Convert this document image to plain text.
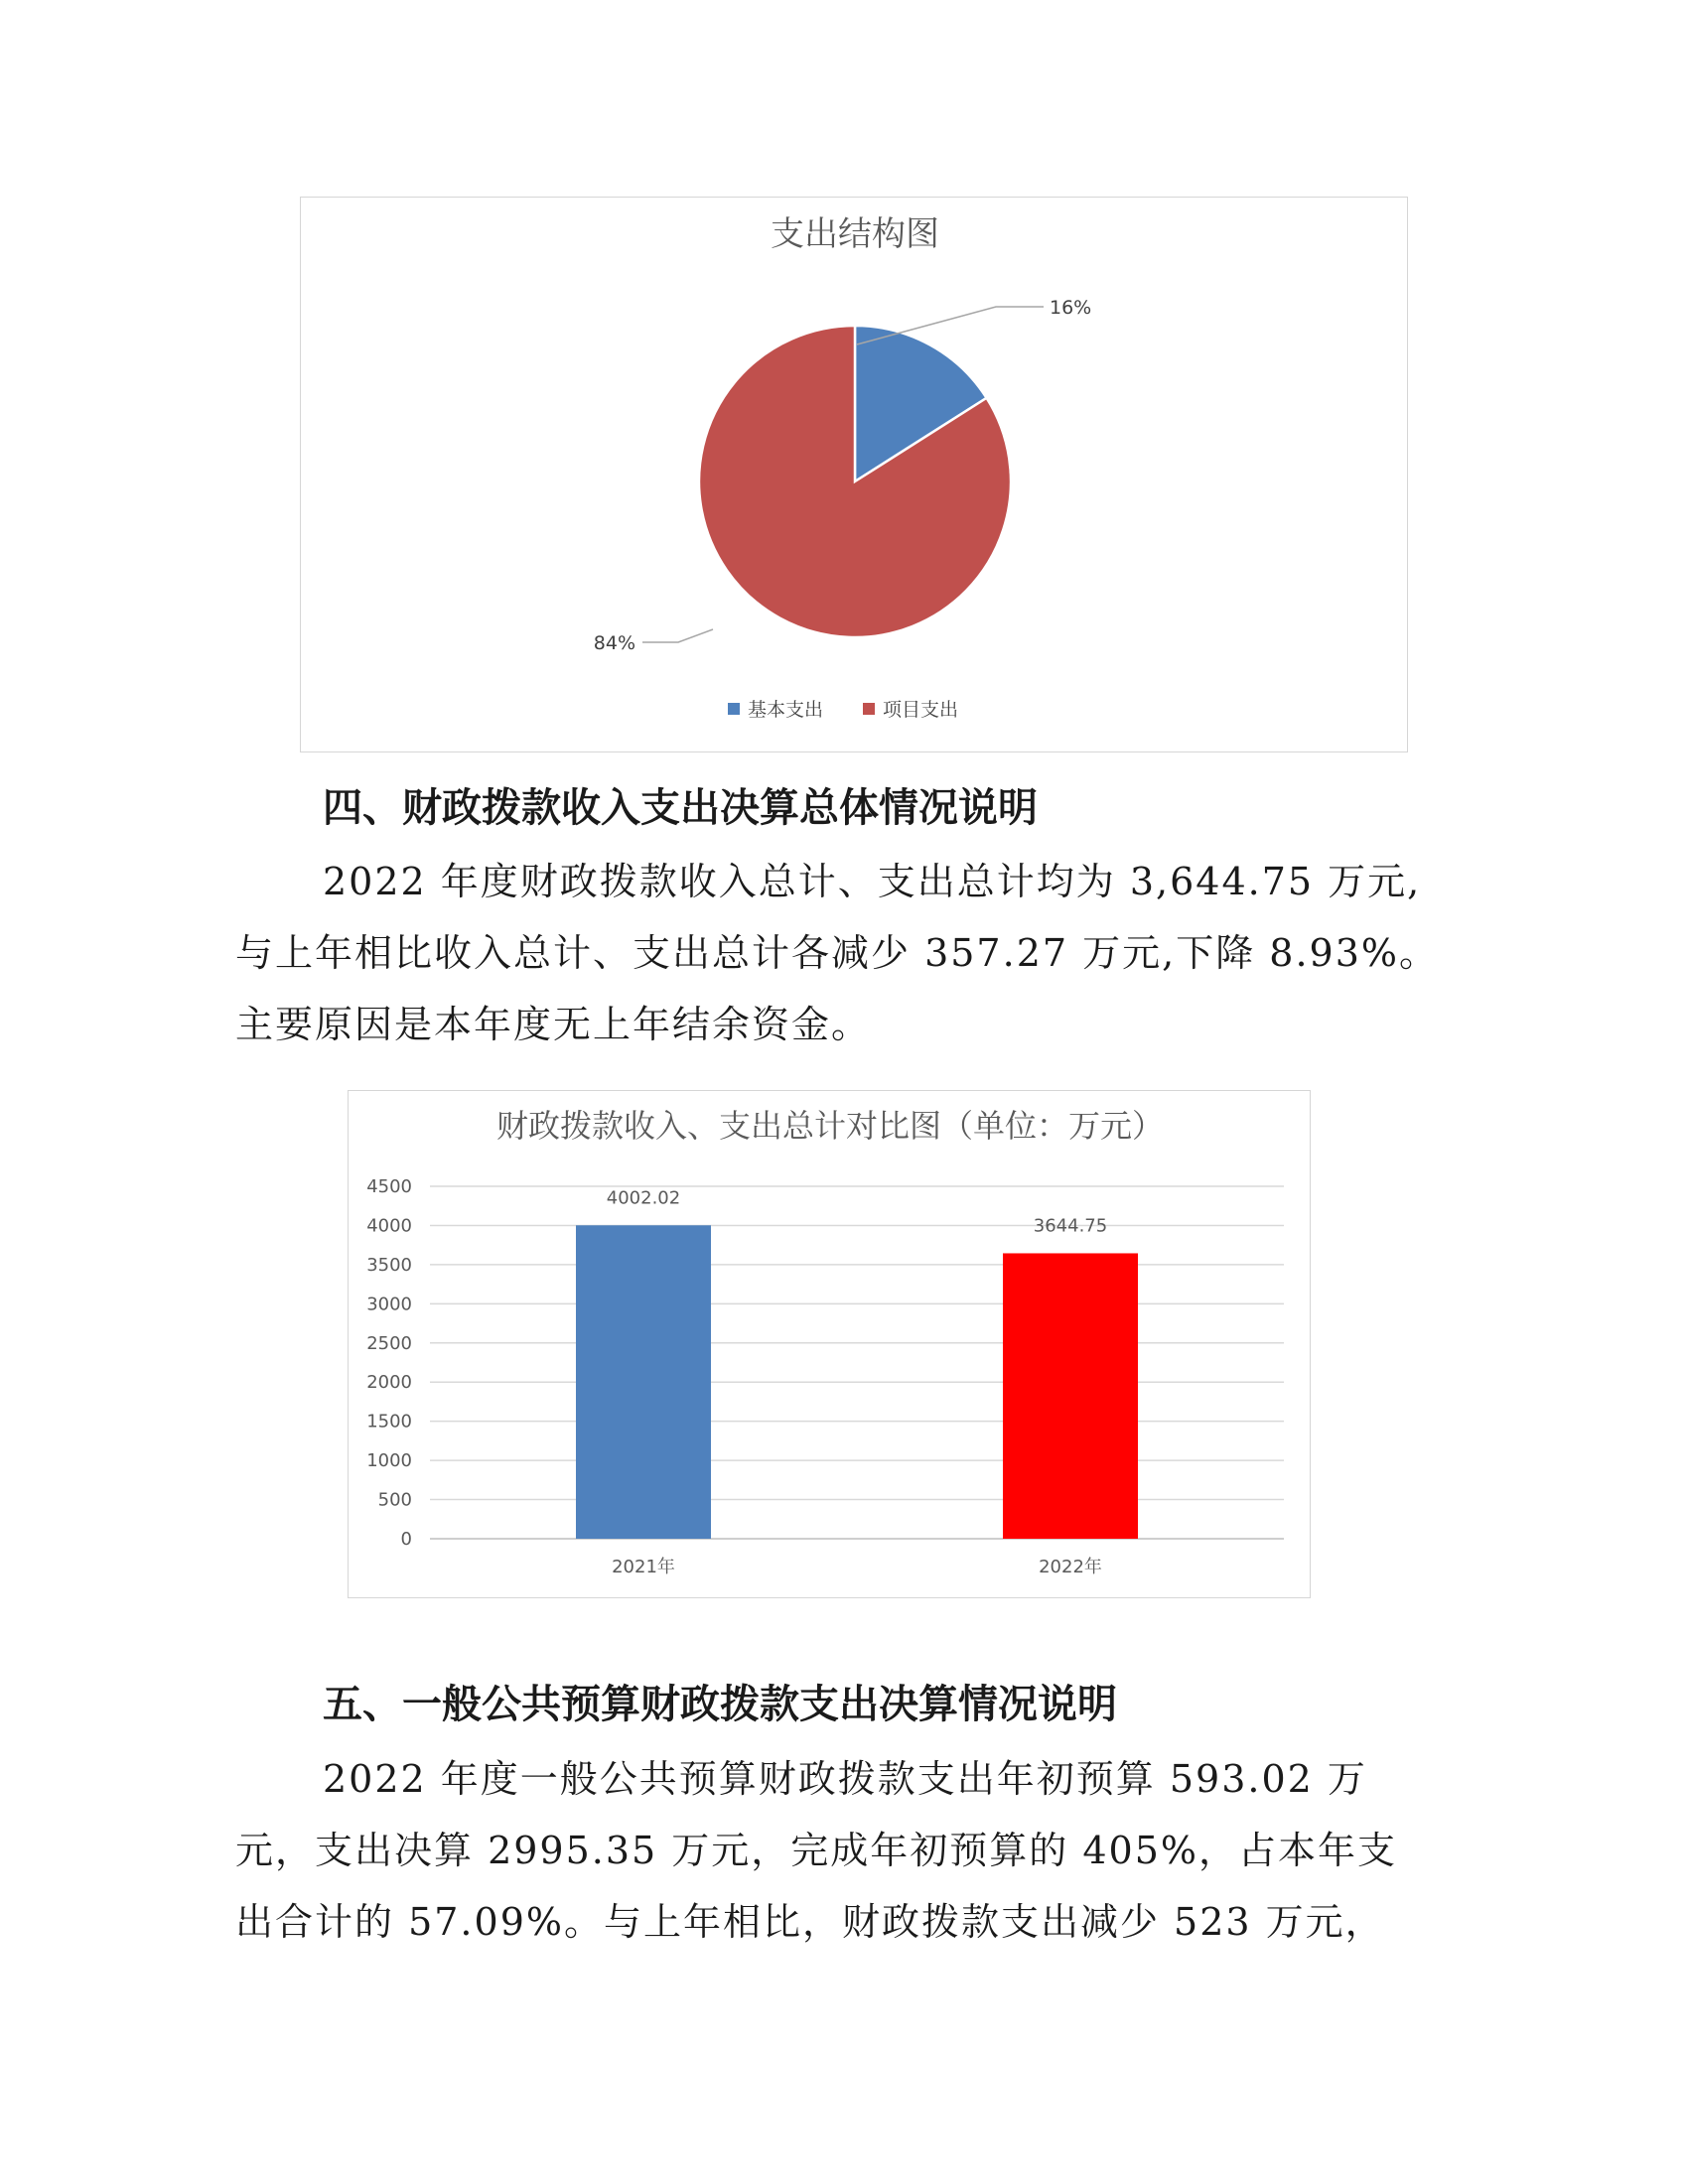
支出结构图
16%
84%
基本支出	项目支出
四、财政拨款收入支出决算总体情况说明

2022 年度财政拨款收入总计、支出总计均为 3,644.75 万元,

与上年相比收入总计、支出总计各减少 357.27 万元,下降 8.93%。

主要原因是本年度无上年结余资金。

财政拨款收入、支出总计对比图（单位：万元）
0
500
1000
1500
2000
2500
3000
3500
4000
4500
4002.02
2021年
3644.75
2022年
五、一般公共预算财政拨款支出决算情况说明

2022 年度一般公共预算财政拨款支出年初预算 593.02 万

元，支出决算 2995.35 万元，完成年初预算的 405%，占本年支

出合计的 57.09%。与上年相比，财政拨款支出减少 523 万元，
